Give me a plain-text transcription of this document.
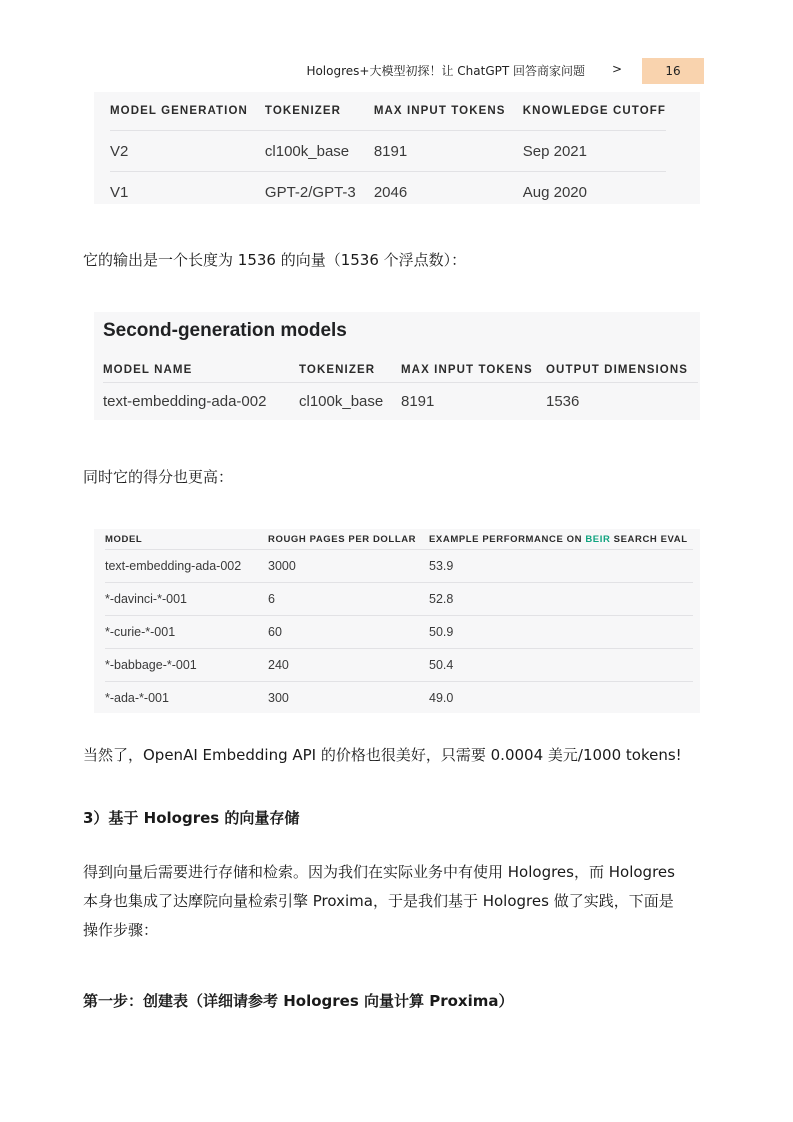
Hologres+大模型初探！让 ChatGPT 回答商家问题 >	16
MODEL GENERATION	TOKENIZER	MAX INPUT TOKENS	KNOWLEDGE CUTOFF
V2	cl100k_base	8191	Sep 2021
V1	GPT-2/GPT-3	2046	Aug 2020
它的输出是一个长度为 1536 的向量（1536 个浮点数）：
Second-generation models
MODEL NAME	TOKENIZER	MAX INPUT TOKENS	OUTPUT DIMENSIONS
text-embedding-ada-002	cl100k_base	8191	1536
同时它的得分也更高：
MODEL	ROUGH PAGES PER DOLLAR	EXAMPLE PERFORMANCE ON BEIR SEARCH EVAL
text-embedding-ada-002	3000	53.9
*-davinci-*-001	6	52.8
*-curie-*-001	60	50.9
*-babbage-*-001	240	50.4
*-ada-*-001	300	49.0
当然了，OpenAI Embedding API 的价格也很美好，只需要 0.0004 美元/1000 tokens!
3）基于 Hologres 的向量存储
得到向量后需要进行存储和检索。因为我们在实际业务中有使用 Hologres，而 Hologres
本身也集成了达摩院向量检索引擎 Proxima，于是我们基于 Hologres 做了实践，下面是
操作步骤：
第一步：创建表（详细请参考 Hologres 向量计算 Proxima）
